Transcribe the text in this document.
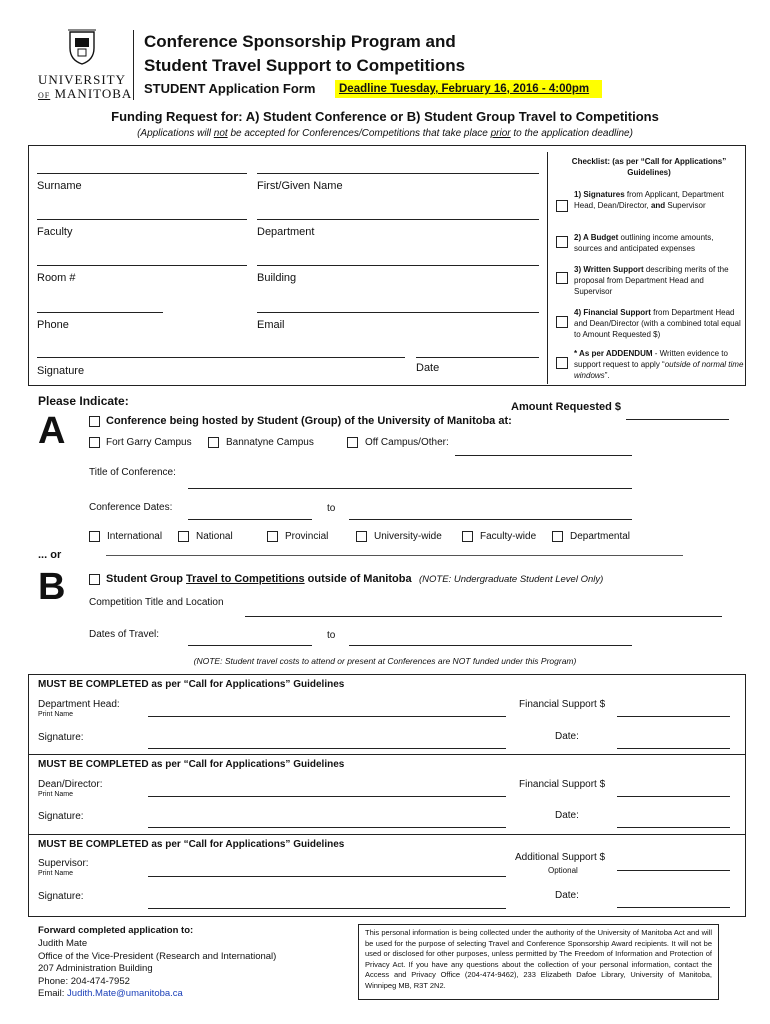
UNIVERSITY
OF MANITOBA
Conference Sponsorship Program and
Student Travel Support to Competitions
STUDENT Application Form	Deadline Tuesday, February 16, 2016 - 4:00pm
Funding Request for: A) Student Conference or B) Student Group Travel to Competitions
(Applications will not be accepted for Conferences/Competitions that take place prior to the application deadline)
Surname	First/Given Name
Faculty	Department
Room #	Building
Phone	Email
Signature	Date
Checklist: (as per “Call for Applications” Guidelines)
1) Signatures from Applicant, Department Head, Dean/Director, and Supervisor
2) A Budget outlining income amounts, sources and anticipated expenses
3) Written Support describing merits of the proposal from Department Head and Supervisor
4) Financial Support from Department Head and Dean/Director (with a combined total equal to Amount Requested $)
* As per ADDENDUM - Written evidence to support request to apply “outside of normal time windows”.
Please Indicate:	Amount Requested $
A	Conference being hosted by Student (Group) of the University of Manitoba at:
Fort Garry Campus	Bannatyne Campus	Off Campus/Other:
Title of Conference:
Conference Dates:	to
International	National	Provincial	University-wide	Faculty-wide	Departmental
... or
B	Student Group Travel to Competitions outside of Manitoba (NOTE: Undergraduate Student Level Only)
Competition Title and Location
Dates of Travel:	to
(NOTE: Student travel costs to attend or present at Conferences are NOT funded under this Program)
MUST BE COMPLETED as per “Call for Applications” Guidelines
Department Head:
Print Name
Financial Support $
Signature:	Date:
MUST BE COMPLETED as per “Call for Applications” Guidelines
Dean/Director:
Print Name
Financial Support $
Signature:	Date:
MUST BE COMPLETED as per “Call for Applications” Guidelines
Supervisor:
Print Name
Additional Support $
Optional
Signature:	Date:
Forward completed application to:
Judith Mate
Office of the Vice-President (Research and International)
207 Administration Building
Phone: 204-474-7952
Email: Judith.Mate@umanitoba.ca
This personal information is being collected under the authority of the University of Manitoba Act and will be used for the purpose of selecting Travel and Conference Sponsorship Award recipients. It will not be used or disclosed for other purposes, unless permitted by The Freedom of Information and Protection of Privacy Act. If you have any questions about the collection of your personal information, contact the Access and Privacy Office (204-474-9462), 233 Elizabeth Dafoe Library, University of Manitoba, Winnipeg MB, R3T 2N2.
